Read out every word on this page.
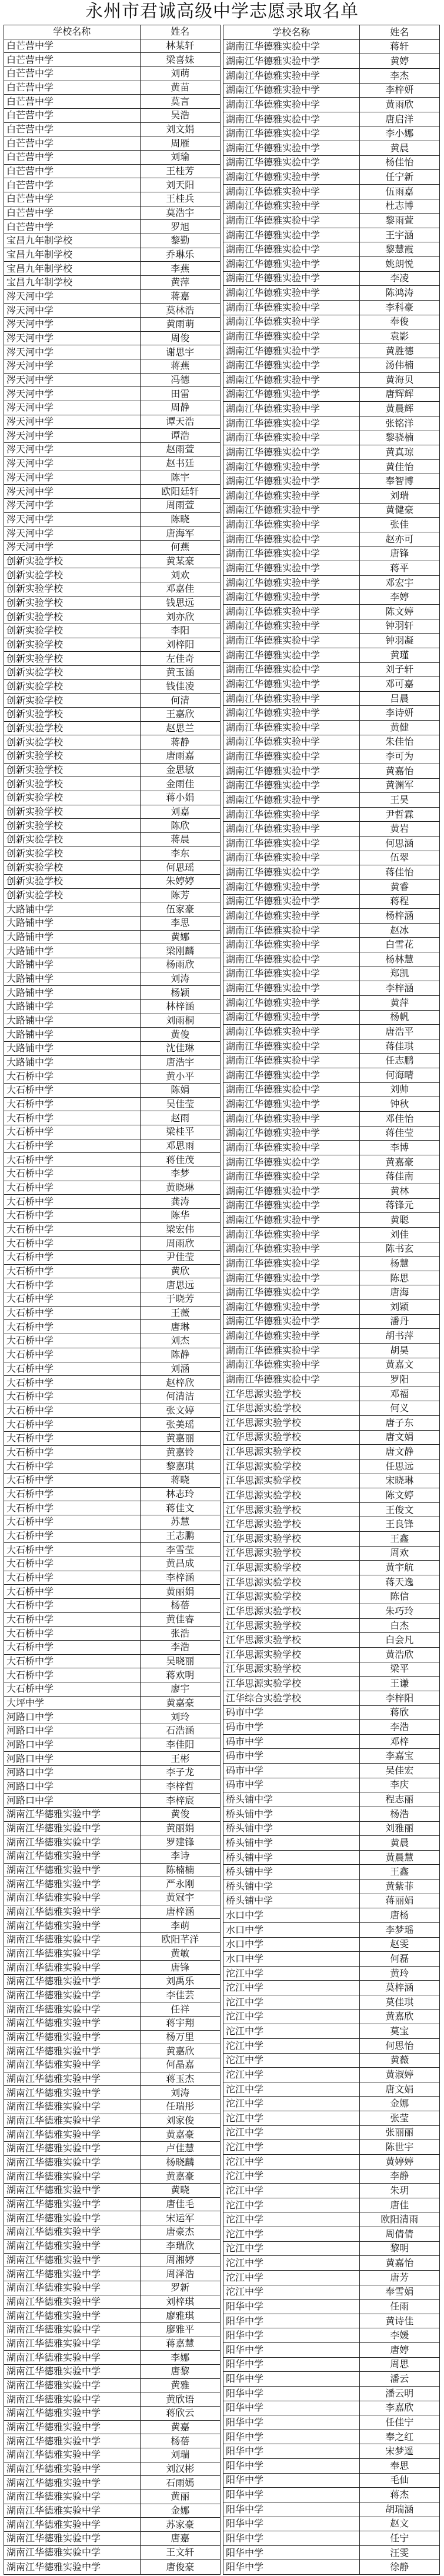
永州市君诚高级中学志愿录取名单
学校名称	姓名
白芒营中学	林某轩
白芒营中学	梁喜妹
白芒营中学	刘萌
白芒营中学	黄苗
白芒营中学	莫言
白芒营中学	吴浩
白芒营中学	刘文娟
白芒营中学	周雁
白芒营中学	刘瑜
白芒营中学	王桂芳
白芒营中学	刘天阳
白芒营中学	王桂兵
白芒营中学	莫浩宇
白芒营中学	罗旭
宝昌九年制学校	黎勤
宝昌九年制学校	乔琳乐
宝昌九年制学校	李燕
宝昌九年制学校	黄萍
涔天河中学	蒋嘉
涔天河中学	莫林浩
涔天河中学	黄雨萌
涔天河中学	周俊
涔天河中学	谢思宇
涔天河中学	蒋燕
涔天河中学	冯德
涔天河中学	田雷
涔天河中学	周静
涔天河中学	谭天浩
涔天河中学	谭浩
涔天河中学	赵雨萱
涔天河中学	赵书廷
涔天河中学	陈宇
涔天河中学	欧阳廷轩
涔天河中学	周雨萱
涔天河中学	陈晓
涔天河中学	唐海军
涔天河中学	何燕
创新实验学校	黄某豪
创新实验学校	刘欢
创新实验学校	邓嘉佳
创新实验学校	钱思远
创新实验学校	刘亦欣
创新实验学校	李阳
创新实验学校	刘梓阳
创新实验学校	左佳奇
创新实验学校	黄玉涵
创新实验学校	钱佳凌
创新实验学校	何清
创新实验学校	王嘉欣
创新实验学校	赵思兰
创新实验学校	蒋静
创新实验学校	唐雨嘉
创新实验学校	金思敏
创新实验学校	金雨佳
创新实验学校	蒋小娟
创新实验学校	刘嘉
创新实验学校	陈欣
创新实验学校	蒋晨
创新实验学校	李东
创新实验学校	何思瑶
创新实验学校	朱婷婷
创新实验学校	陈芳
大路铺中学	伍家豪
大路铺中学	李思
大路铺中学	黄娜
大路铺中学	梁刚麟
大路铺中学	杨雨欣
大路铺中学	刘涛
大路铺中学	杨颖
大路铺中学	林梓涵
大路铺中学	刘雨桐
大路铺中学	黄俊
大路铺中学	沈佳琳
大路铺中学	唐浩宇
大石桥中学	黄小平
大石桥中学	陈娟
大石桥中学	吴佳莹
大石桥中学	赵雨
大石桥中学	梁桂平
大石桥中学	邓思雨
大石桥中学	蒋佳茂
大石桥中学	李梦
大石桥中学	黄晓琳
大石桥中学	龚涛
大石桥中学	陈华
大石桥中学	梁宏伟
大石桥中学	周雨欣
大石桥中学	尹佳莹
大石桥中学	黄欣
大石桥中学	唐思远
大石桥中学	于晓芳
大石桥中学	王薇
大石桥中学	唐琳
大石桥中学	刘杰
大石桥中学	陈静
大石桥中学	刘涵
大石桥中学	赵梓欣
大石桥中学	何清洁
大石桥中学	张文婷
大石桥中学	张美瑶
大石桥中学	黄嘉丽
大石桥中学	黄嘉铃
大石桥中学	黎嘉琪
大石桥中学	蒋晓
大石桥中学	林志玲
大石桥中学	蒋佳文
大石桥中学	苏慧
大石桥中学	王志鹏
大石桥中学	李雪莹
大石桥中学	黄昌成
大石桥中学	李梓涵
大石桥中学	黄丽娟
大石桥中学	杨蓓
大石桥中学	黄佳睿
大石桥中学	张浩
大石桥中学	李浩
大石桥中学	吴晓丽
大石桥中学	蒋欢明
大石桥中学	廖宇
大坪中学	黄嘉豪
河路口中学	刘玲
河路口中学	石浩涵
河路口中学	李佳阳
河路口中学	王彬
河路口中学	李子龙
河路口中学	李梓哲
河路口中学	李梓宸
湖南江华德雅实验中学	黄俊
湖南江华德雅实验中学	黄丽娟
湖南江华德雅实验中学	罗建锋
湖南江华德雅实验中学	李诗
湖南江华德雅实验中学	陈楠楠
湖南江华德雅实验中学	严永刚
湖南江华德雅实验中学	黄冠宇
湖南江华德雅实验中学	唐梓涵
湖南江华德雅实验中学	李萌
湖南江华德雅实验中学	欧阳芊洋
湖南江华德雅实验中学	黄敏
湖南江华德雅实验中学	唐锋
湖南江华德雅实验中学	刘禹乐
湖南江华德雅实验中学	李佳芸
湖南江华德雅实验中学	任祥
湖南江华德雅实验中学	蒋宇翔
湖南江华德雅实验中学	杨万里
湖南江华德雅实验中学	黄嘉欣
湖南江华德雅实验中学	何晶嘉
湖南江华德雅实验中学	蒋玉杰
湖南江华德雅实验中学	刘涛
湖南江华德雅实验中学	任瑞彤
湖南江华德雅实验中学	刘家俊
湖南江华德雅实验中学	黄嘉豪
湖南江华德雅实验中学	卢佳慧
湖南江华德雅实验中学	杨晓麟
湖南江华德雅实验中学	黄嘉豪
湖南江华德雅实验中学	黄晓
湖南江华德雅实验中学	唐佳毛
湖南江华德雅实验中学	宋运军
湖南江华德雅实验中学	唐豪杰
湖南江华德雅实验中学	李瑞欣
湖南江华德雅实验中学	周湘婷
湖南江华德雅实验中学	周泽浩
湖南江华德雅实验中学	罗新
湖南江华德雅实验中学	刘梓琪
湖南江华德雅实验中学	廖雅琪
湖南江华德雅实验中学	廖雅平
湖南江华德雅实验中学	蒋嘉慧
湖南江华德雅实验中学	李娜
湖南江华德雅实验中学	唐黎
湖南江华德雅实验中学	黄雅
湖南江华德雅实验中学	黄欣语
湖南江华德雅实验中学	蒋欣云
湖南江华德雅实验中学	黄嘉
湖南江华德雅实验中学	杨蓓
湖南江华德雅实验中学	刘瑞
湖南江华德雅实验中学	刘汉彬
湖南江华德雅实验中学	石雨嫣
湖南江华德雅实验中学	黄丽
湖南江华德雅实验中学	金娜
湖南江华德雅实验中学	苏家豪
湖南江华德雅实验中学	唐嘉
湖南江华德雅实验中学	王文轩
湖南江华德雅实验中学	唐俊豪
学校名称	姓名
湖南江华德雅实验中学	蒋轩
湖南江华德雅实验中学	黄婷
湖南江华德雅实验中学	李杰
湖南江华德雅实验中学	李梓妍
湖南江华德雅实验中学	黄雨欣
湖南江华德雅实验中学	唐启洋
湖南江华德雅实验中学	李小娜
湖南江华德雅实验中学	黄晨
湖南江华德雅实验中学	杨佳怡
湖南江华德雅实验中学	任宁新
湖南江华德雅实验中学	伍雨嘉
湖南江华德雅实验中学	杜志博
湖南江华德雅实验中学	黎雨萱
湖南江华德雅实验中学	王宇涵
湖南江华德雅实验中学	黎慧霞
湖南江华德雅实验中学	姚朗悦
湖南江华德雅实验中学	李凌
湖南江华德雅实验中学	陈鸿涛
湖南江华德雅实验中学	李科豪
湖南江华德雅实验中学	奉俊
湖南江华德雅实验中学	袁影
湖南江华德雅实验中学	黄胜德
湖南江华德雅实验中学	汤伟楠
湖南江华德雅实验中学	黄海贝
湖南江华德雅实验中学	唐辉辉
湖南江华德雅实验中学	黄晨辉
湖南江华德雅实验中学	张铭洋
湖南江华德雅实验中学	黎骁楠
湖南江华德雅实验中学	黄真琼
湖南江华德雅实验中学	黄佳怡
湖南江华德雅实验中学	奉智博
湖南江华德雅实验中学	刘瑞
湖南江华德雅实验中学	黄健豪
湖南江华德雅实验中学	张佳
湖南江华德雅实验中学	赵亦可
湖南江华德雅实验中学	唐锋
湖南江华德雅实验中学	蒋平
湖南江华德雅实验中学	邓宏宇
湖南江华德雅实验中学	李婷
湖南江华德雅实验中学	陈文婷
湖南江华德雅实验中学	钟羽轩
湖南江华德雅实验中学	钟羽凝
湖南江华德雅实验中学	黄瑾
湖南江华德雅实验中学	刘子轩
湖南江华德雅实验中学	邓可嘉
湖南江华德雅实验中学	吕晨
湖南江华德雅实验中学	李诗妍
湖南江华德雅实验中学	黄健
湖南江华德雅实验中学	朱佳怡
湖南江华德雅实验中学	李可为
湖南江华德雅实验中学	黄嘉怡
湖南江华德雅实验中学	黄渊军
湖南江华德雅实验中学	王昊
湖南江华德雅实验中学	尹哲霖
湖南江华德雅实验中学	黄岩
湖南江华德雅实验中学	何思涵
湖南江华德雅实验中学	伍翠
湖南江华德雅实验中学	蒋佳怡
湖南江华德雅实验中学	黄睿
湖南江华德雅实验中学	蒋程
湖南江华德雅实验中学	杨梓涵
湖南江华德雅实验中学	赵冰
湖南江华德雅实验中学	白雪花
湖南江华德雅实验中学	杨林慧
湖南江华德雅实验中学	郑凯
湖南江华德雅实验中学	李梓涵
湖南江华德雅实验中学	黄萍
湖南江华德雅实验中学	杨帆
湖南江华德雅实验中学	唐浩平
湖南江华德雅实验中学	蒋佳琪
湖南江华德雅实验中学	任志鹏
湖南江华德雅实验中学	何海晴
湖南江华德雅实验中学	刘帅
湖南江华德雅实验中学	钟秋
湖南江华德雅实验中学	邓佳怡
湖南江华德雅实验中学	蒋佳莹
湖南江华德雅实验中学	李博
湖南江华德雅实验中学	黄嘉豪
湖南江华德雅实验中学	蒋佳南
湖南江华德雅实验中学	黄林
湖南江华德雅实验中学	蒋锋元
湖南江华德雅实验中学	黄聪
湖南江华德雅实验中学	刘佳
湖南江华德雅实验中学	陈书玄
湖南江华德雅实验中学	杨慧
湖南江华德雅实验中学	陈思
湖南江华德雅实验中学	唐海
湖南江华德雅实验中学	刘颖
湖南江华德雅实验中学	潘丹
湖南江华德雅实验中学	胡书萍
湖南江华德雅实验中学	胡昊
湖南江华德雅实验中学	黄嘉文
湖南江华德雅实验中学	罗阳
江华思源实验学校	邓福
江华思源实验学校	何义
江华思源实验学校	唐子东
江华思源实验学校	唐文娟
江华思源实验学校	唐文静
江华思源实验学校	任思远
江华思源实验学校	宋晓琳
江华思源实验学校	陈文婷
江华思源实验学校	王俊文
江华思源实验学校	王良锋
江华思源实验学校	王鑫
江华思源实验学校	周欢
江华思源实验学校	黄宇航
江华思源实验学校	蒋天逸
江华思源实验学校	陈信
江华思源实验学校	朱巧玲
江华思源实验学校	白杰
江华思源实验学校	白会凡
江华思源实验学校	黄浩欣
江华思源实验学校	梁平
江华思源实验学校	王谦
江华综合实验学校	李梓阳
码市中学	蒋欣
码市中学	李浩
码市中学	邓梓
码市中学	李嘉宝
码市中学	吴佳宏
码市中学	李庆
桥头铺中学	程志丽
桥头铺中学	杨浩
桥头铺中学	刘雅丽
桥头铺中学	黄晨
桥头铺中学	黄晨慧
桥头铺中学	王鑫
桥头铺中学	黄紫菲
桥头铺中学	蒋丽娟
水口中学	唐杨
水口中学	李梦瑶
水口中学	赵雯
水口中学	何磊
沱江中学	黄玲
沱江中学	莫梓涵
沱江中学	莫佳琪
沱江中学	黄嘉欣
沱江中学	莫宝
沱江中学	何思怡
沱江中学	黄薇
沱江中学	黄淑婷
沱江中学	唐文娟
沱江中学	金娜
沱江中学	张莹
沱江中学	张丽丽
沱江中学	陈世宇
沱江中学	黄婷婷
沱江中学	李静
沱江中学	朱玥
沱江中学	唐佳
沱江中学	欧阳清雨
沱江中学	周倩倩
沱江中学	黎明
沱江中学	黄嘉怡
沱江中学	唐芳
沱江中学	奉雪娟
阳华中学	任雨
阳华中学	黄诗佳
阳华中学	李媛
阳华中学	唐婷
阳华中学	周思
阳华中学	潘云
阳华中学	潘云明
阳华中学	李嘉欣
阳华中学	任佳宁
阳华中学	奉之红
阳华中学	宋梦遥
阳华中学	奉思
阳华中学	毛仙
阳华中学	蒋杰
阳华中学	胡瑞涵
阳华中学	赵文
阳华中学	任宁
阳华中学	汪雯
阳华中学	徐静
